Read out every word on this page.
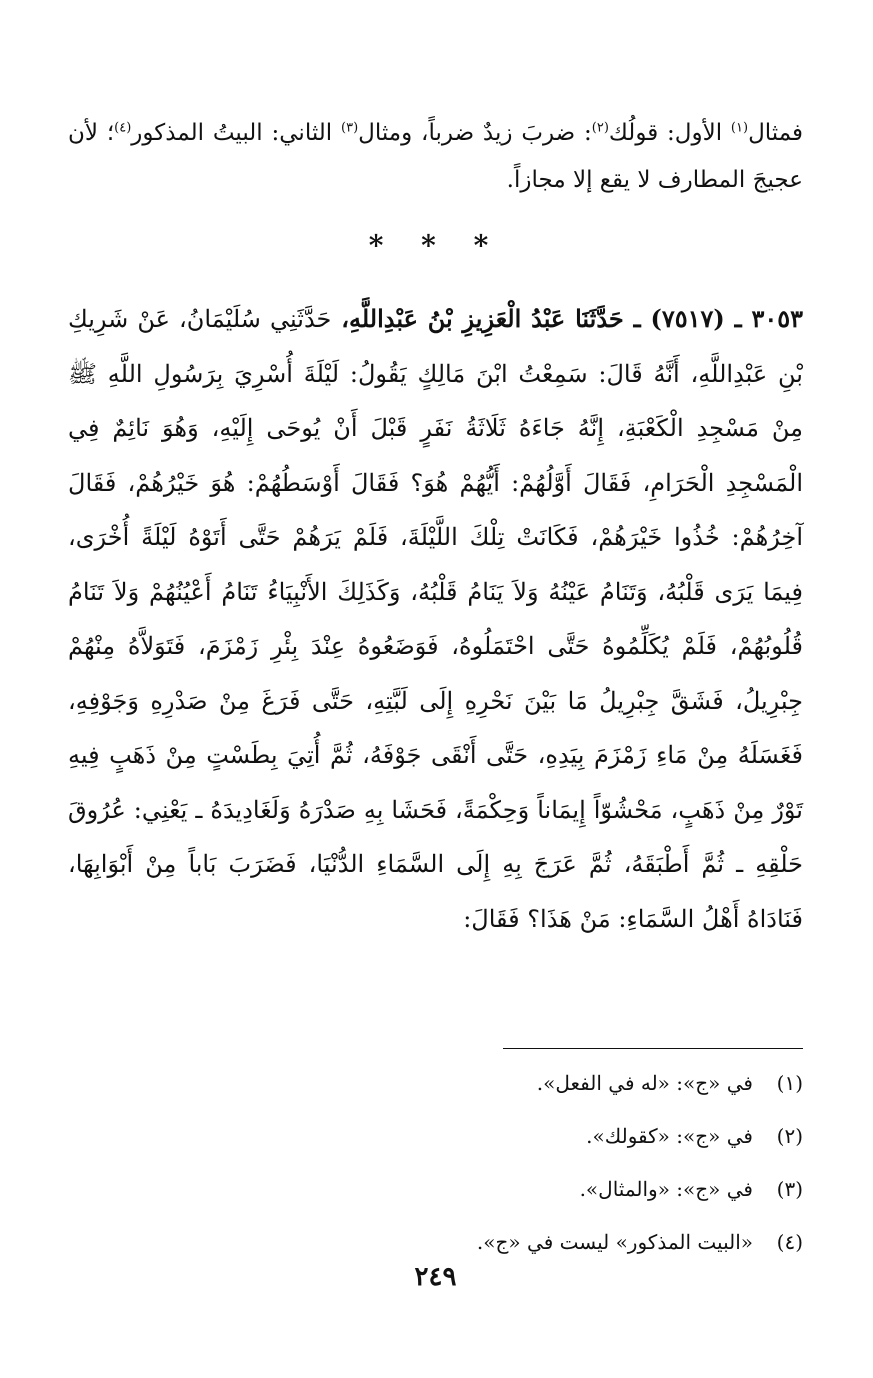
فمثال$^{(١)}$ الأول: قولُك$^{(٢)}$: ضربَ زيدٌ ضرباً، ومثال$^{(٣)}$ الثاني: البيتُ المذكور$^{(٤)}$؛ لأن عجيجَ المطارف لا يقع إلا مجازاً.

* * *

٣٠٥٣ ـ (٧٥١٧) ـ حَدَّثَنَا عَبْدُ الْعَزِيزِ بْنُ عَبْدِاللَّهِ، حَدَّثَنِي سُلَيْمَانُ، عَنْ شَرِيكِ بْنِ عَبْدِاللَّهِ، أَنَّهُ قَالَ: سَمِعْتُ ابْنَ مَالِكٍ يَقُولُ: لَيْلَةَ أُسْرِيَ بِرَسُولِ اللَّهِ ﷺ مِنْ مَسْجِدِ الْكَعْبَةِ، إِنَّهُ جَاءَهُ ثَلَاثَةُ نَفَرٍ قَبْلَ أَنْ يُوحَى إِلَيْهِ، وَهُوَ نَائِمٌ فِي الْمَسْجِدِ الْحَرَامِ، فَقَالَ أَوَّلُهُمْ: أَيُّهُمْ هُوَ؟ فَقَالَ أَوْسَطُهُمْ: هُوَ خَيْرُهُمْ، فَقَالَ آخِرُهُمْ: خُذُوا خَيْرَهُمْ، فَكَانَتْ تِلْكَ اللَّيْلَةَ، فَلَمْ يَرَهُمْ حَتَّى أَتَوْهُ لَيْلَةً أُخْرَى، فِيمَا يَرَى قَلْبُهُ، وَتَنَامُ عَيْنُهُ وَلاَ يَنَامُ قَلْبُهُ، وَكَذَلِكَ الأَنْبِيَاءُ تَنَامُ أَعْيُنُهُمْ وَلاَ تَنَامُ قُلُوبُهُمْ، فَلَمْ يُكَلِّمُوهُ حَتَّى احْتَمَلُوهُ، فَوَضَعُوهُ عِنْدَ بِئْرِ زَمْزَمَ، فَتَوَلاَّهُ مِنْهُمْ جِبْرِيلُ، فَشَقَّ جِبْرِيلُ مَا بَيْنَ نَحْرِهِ إِلَى لَبَّتِهِ، حَتَّى فَرَغَ مِنْ صَدْرِهِ وَجَوْفِهِ، فَغَسَلَهُ مِنْ مَاءِ زَمْزَمَ بِيَدِهِ، حَتَّى أَنْقَى جَوْفَهُ، ثُمَّ أُتِيَ بِطَسْتٍ مِنْ ذَهَبٍ فِيهِ تَوْرٌ مِنْ ذَهَبٍ، مَحْشُوّاً إِيمَاناً وَحِكْمَةً، فَحَشَا بِهِ صَدْرَهُ وَلَغَادِيدَهُ ـ يَعْنِي: عُرُوقَ حَلْقِهِ ـ ثُمَّ أَطْبَقَهُ، ثُمَّ عَرَجَ بِهِ إِلَى السَّمَاءِ الدُّنْيَا، فَضَرَبَ بَاباً مِنْ أَبْوَابِهَا، فَنَادَاهُ أَهْلُ السَّمَاءِ: مَنْ هَذَا؟ فَقَالَ:

(١)
في «ج»: «له في الفعل».
(٢)
في «ج»: «كقولك».
(٣)
في «ج»: «والمثال».
(٤)
«البيت المذكور» ليست في «ج».
٢٤٩
